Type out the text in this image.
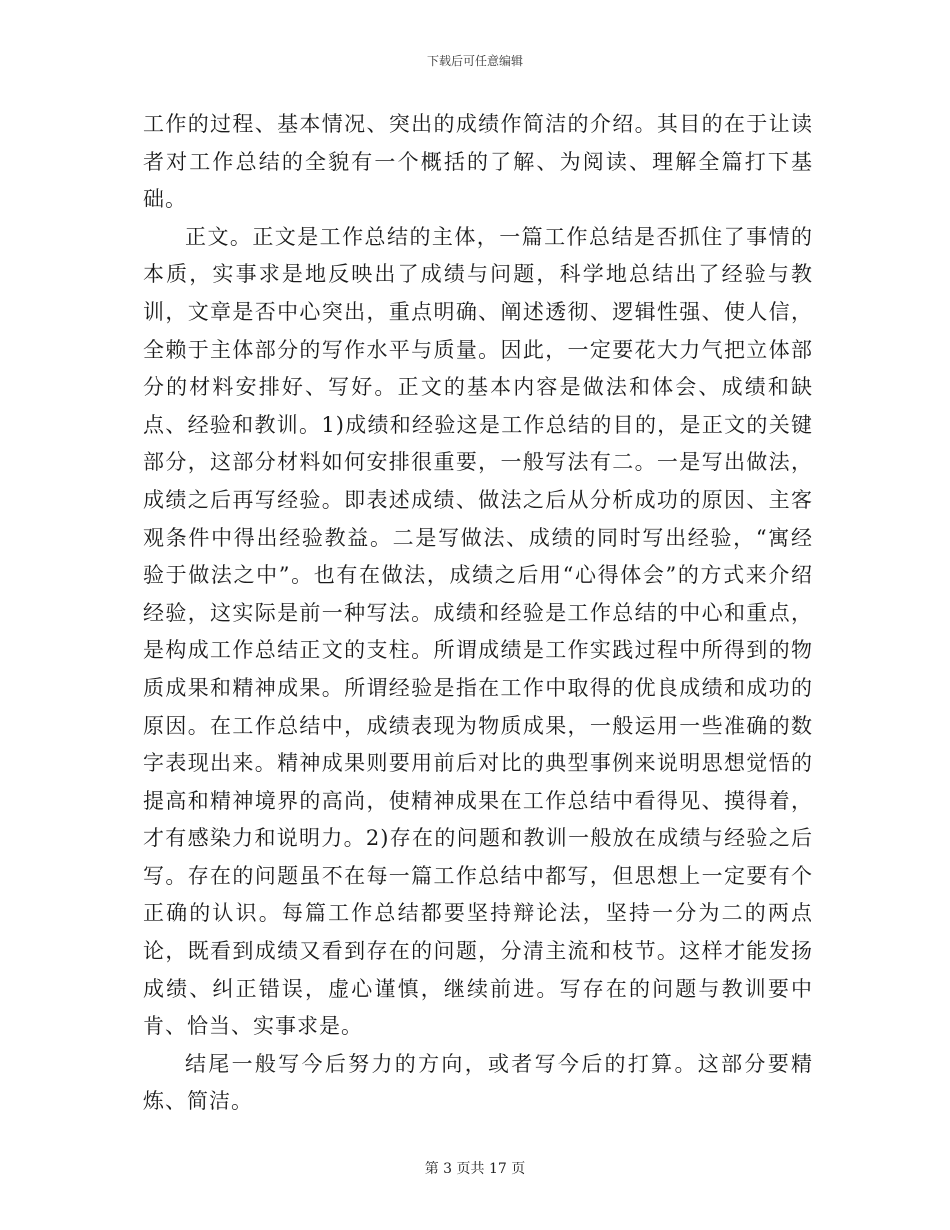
下载后可任意编辑

工作的过程、基本情况、突出的成绩作简洁的介绍。其目的在于让读者对工作总结的全貌有一个概括的了解、为阅读、理解全篇打下基础。

正文。正文是工作总结的主体，一篇工作总结是否抓住了事情的本质，实事求是地反映出了成绩与问题，科学地总结出了经验与教训，文章是否中心突出，重点明确、阐述透彻、逻辑性强、使人信，全赖于主体部分的写作水平与质量。因此，一定要花大力气把立体部分的材料安排好、写好。正文的基本内容是做法和体会、成绩和缺点、经验和教训。1)成绩和经验这是工作总结的目的，是正文的关键部分，这部分材料如何安排很重要，一般写法有二。一是写出做法，成绩之后再写经验。即表述成绩、做法之后从分析成功的原因、主客观条件中得出经验教益。二是写做法、成绩的同时写出经验，“寓经验于做法之中”。也有在做法，成绩之后用“心得体会”的方式来介绍经验，这实际是前一种写法。成绩和经验是工作总结的中心和重点，是构成工作总结正文的支柱。所谓成绩是工作实践过程中所得到的物质成果和精神成果。所谓经验是指在工作中取得的优良成绩和成功的原因。在工作总结中，成绩表现为物质成果，一般运用一些准确的数字表现出来。精神成果则要用前后对比的典型事例来说明思想觉悟的提高和精神境界的高尚，使精神成果在工作总结中看得见、摸得着，才有感染力和说明力。2)存在的问题和教训一般放在成绩与经验之后写。存在的问题虽不在每一篇工作总结中都写，但思想上一定要有个正确的认识。每篇工作总结都要坚持辩论法，坚持一分为二的两点论，既看到成绩又看到存在的问题，分清主流和枝节。这样才能发扬成绩、纠正错误，虚心谨慎，继续前进。写存在的问题与教训要中肯、恰当、实事求是。

结尾一般写今后努力的方向，或者写今后的打算。这部分要精炼、简洁。

第 3 页共 17 页
